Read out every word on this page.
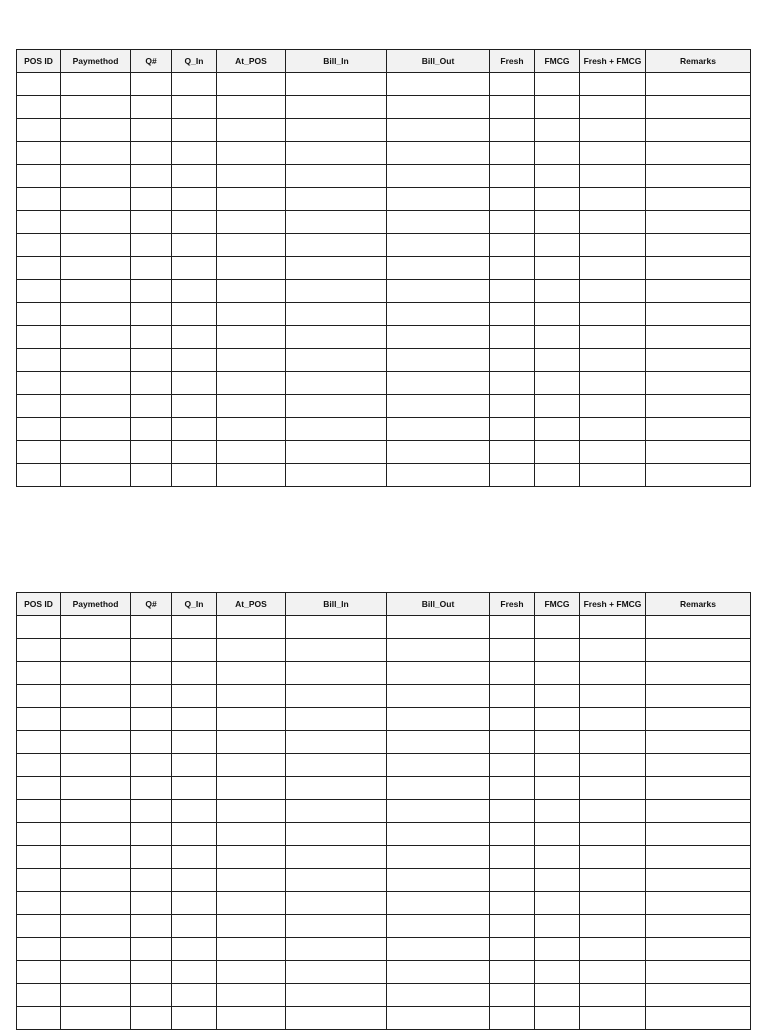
POS ID	Paymethod	Q#	Q_In	At_POS	Bill_In	Bill_Out	Fresh	FMCG	Fresh + FMCG	Remarks

POS ID	Paymethod	Q#	Q_In	At_POS	Bill_In	Bill_Out	Fresh	FMCG	Fresh + FMCG	Remarks
